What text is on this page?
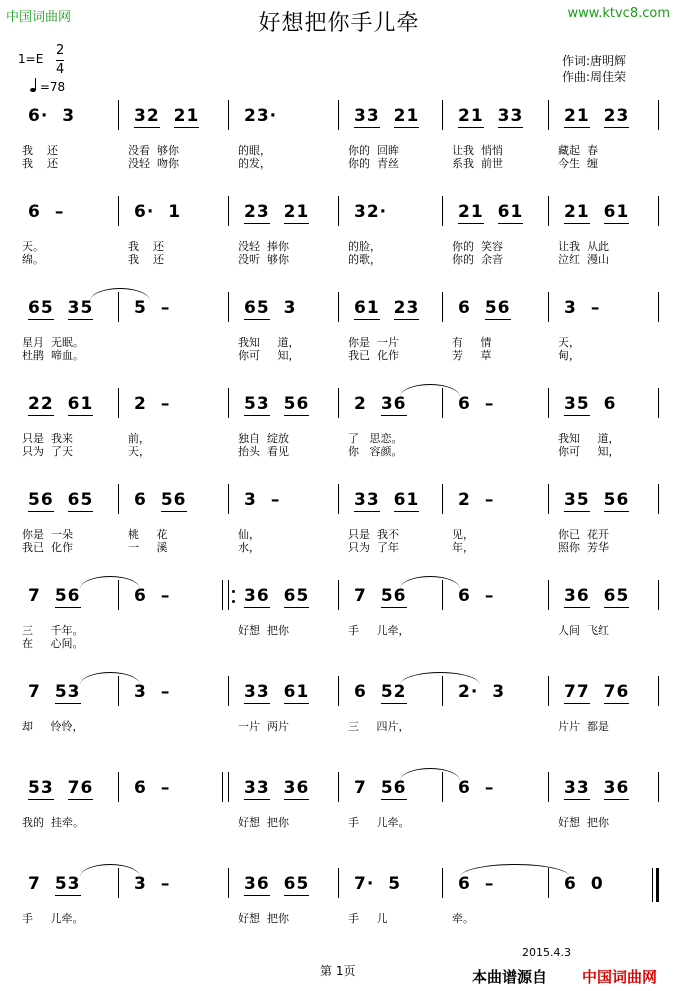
中国词曲网	www.ktvc8.com
好想把你手儿牵
1=E
2
4
=78
作词:唐明辉
作曲:周佳荣
6· 3
我    还
我    还
32 21
没看  够你
没轻  吻你
23·
的眼，
的发，
33 21
你的  回眸
你的  青丝
21 33
让我  悄悄
系我  前世
21 23
藏起  春
今生  缠
6 –
天。
绵。
6· 1
我    还
我    还
23 21
没轻  捧你
没听  够你
32·
的脸，
的歌，
21 61
你的  笑容
你的  余音
21 61
让我  从此
泣红  漫山
65 35
星月  无眠。
杜鹃  啼血。
5 –	65 3
我知     道，
你可     知，
61 23
你是  一片
我已  化作
6 56
有     情
芳     草
3 –
天，
甸，
22 61
只是  我来
只为  了天
2 –
前，
天，
53 56
独自  绽放
抬头  看见
2 36
了   思恋。
你   容颜。
6 –	35 6
我知     道，
你可     知，
56 65
你是  一朵
我已  化作
6 56
桃     花
一     溪
3 –
仙，
水，
33 61
只是  我不
只为  了年
2 –
见，
年，
35 56
你已  花开
照你  芳华
7 56
三     千年。
在     心间。
6 –	36 65
好想  把你
7 56
手     儿牵，
6 –	36 65
人间  飞红
7 53
却     怜怜，
3 –	33 61
一片  两片
6 52
三     四片，
2· 3	77 76
片片  都是
53 76
我的  挂牵。
6 –	33 36
好想  把你
7 56
手     儿牵。
6 –	33 36
好想  把你
7 53
手     儿牵。
3 –	36 65
好想  把你
7· 5
手     儿
6 –
牵。
6 0
2015.4.3
第 1页	本曲谱源自 中国词曲网
